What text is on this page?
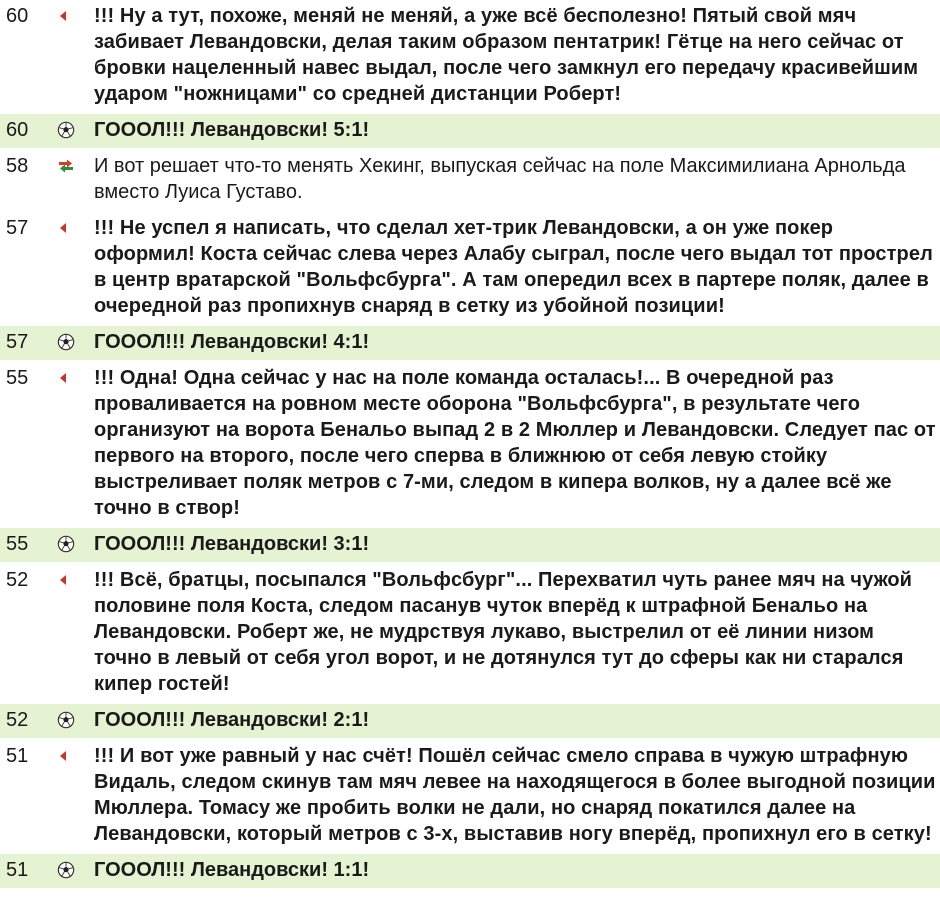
60	!!! Ну а тут, похоже, меняй не меняй, а уже всё бесполезно! Пятый свой мяч забивает Левандовски, делая таким образом пентатрик! Гётце на него сейчас от бровки нацеленный навес выдал, после чего замкнул его передачу красивейшим ударом "ножницами" со средней дистанции Роберт!
60	ГОООЛ!!! Левандовски! 5:1!
58	И вот решает что-то менять Хекинг, выпуская сейчас на поле Максимилиана Арнольда вместо Луиса Густаво.
57	!!! Не успел я написать, что сделал хет-трик Левандовски, а он уже покер оформил! Коста сейчас слева через Алабу сыграл, после чего выдал тот прострел в центр вратарской "Вольфсбурга". А там опередил всех в партере поляк, далее в очередной раз пропихнув снаряд в сетку из убойной позиции!
57	ГОООЛ!!! Левандовски! 4:1!
55	!!! Одна! Одна сейчас у нас на поле команда осталась!... В очередной раз проваливается на ровном месте оборона "Вольфсбурга", в результате чего организуют на ворота Бенальо выпад 2 в 2 Мюллер и Левандовски. Следует пас от первого на второго, после чего сперва в ближнюю от себя левую стойку выстреливает поляк метров с 7-ми, следом в кипера волков, ну а далее всё же точно в створ!
55	ГОООЛ!!! Левандовски! 3:1!
52	!!! Всё, братцы, посыпался "Вольфсбург"... Перехватил чуть ранее мяч на чужой половине поля Коста, следом пасанув чуток вперёд к штрафной Бенальо на Левандовски. Роберт же, не мудрствуя лукаво, выстрелил от её линии низом точно в левый от себя угол ворот, и не дотянулся тут до сферы как ни старался кипер гостей!
52	ГОООЛ!!! Левандовски! 2:1!
51	!!! И вот уже равный у нас счёт! Пошёл сейчас смело справа в чужую штрафную Видаль, следом скинув там мяч левее на находящегося в более выгодной позиции Мюллера. Томасу же пробить волки не дали, но снаряд покатился далее на Левандовски, который метров с 3-х, выставив ногу вперёд, пропихнул его в сетку!
51	ГОООЛ!!! Левандовски! 1:1!
